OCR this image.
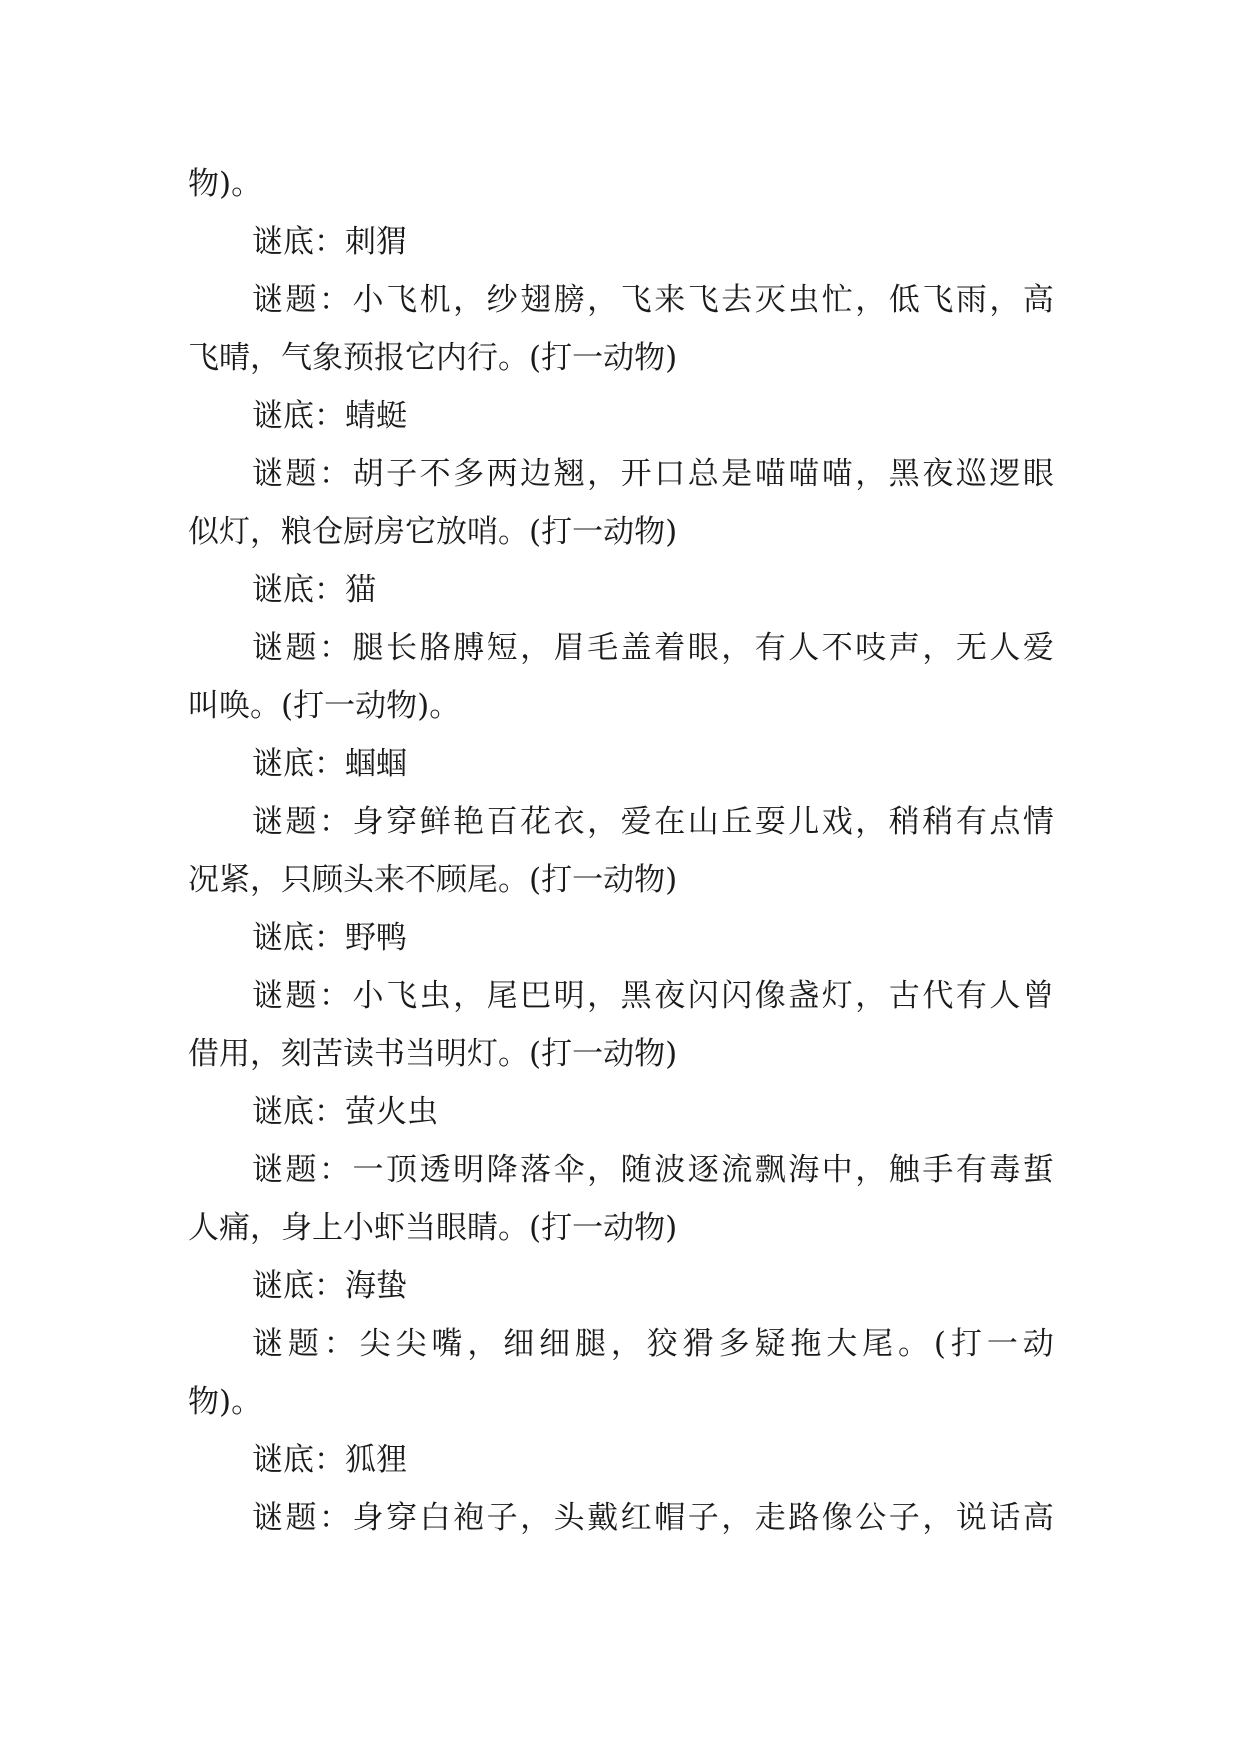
物)。
谜底：刺猬
谜 题 ： 小 飞 机 ， 纱 翅 膀 ， 飞 来 飞 去 灭 虫 忙 ， 低 飞 雨 ， 高
飞晴，气象预报它内行。(打一动物)
谜底：蜻蜓
谜 题 ： 胡 子 不 多 两 边 翘 ， 开 口 总 是 喵 喵 喵 ， 黑 夜 巡 逻 眼
似灯，粮仓厨房它放哨。(打一动物)
谜底：猫
谜 题 ： 腿 长 胳 膊 短 ， 眉 毛 盖 着 眼 ， 有 人 不 吱 声 ， 无 人 爱
叫唤。(打一动物)。
谜底：蝈蝈
谜 题 ： 身 穿 鲜 艳 百 花 衣 ， 爱 在 山 丘 耍 儿 戏 ， 稍 稍 有 点 情
况紧，只顾头来不顾尾。(打一动物)
谜底：野鸭
谜 题 ： 小 飞 虫 ， 尾 巴 明 ， 黑 夜 闪 闪 像 盏 灯 ， 古 代 有 人 曾
借用，刻苦读书当明灯。(打一动物)
谜底：萤火虫
谜 题 ： 一 顶 透 明 降 落 伞 ， 随 波 逐 流 飘 海 中 ， 触 手 有 毒 蜇
人痛，身上小虾当眼睛。(打一动物)
谜底：海蛰
谜 题 ： 尖 尖 嘴 ， 细 细 腿 ， 狡 猾 多 疑 拖 大 尾 。 ( 打 一 动
物)。
谜底：狐狸
谜 题 ： 身 穿 白 袍 子 ， 头 戴 红 帽 子 ， 走 路 像 公 子 ， 说 话 高
